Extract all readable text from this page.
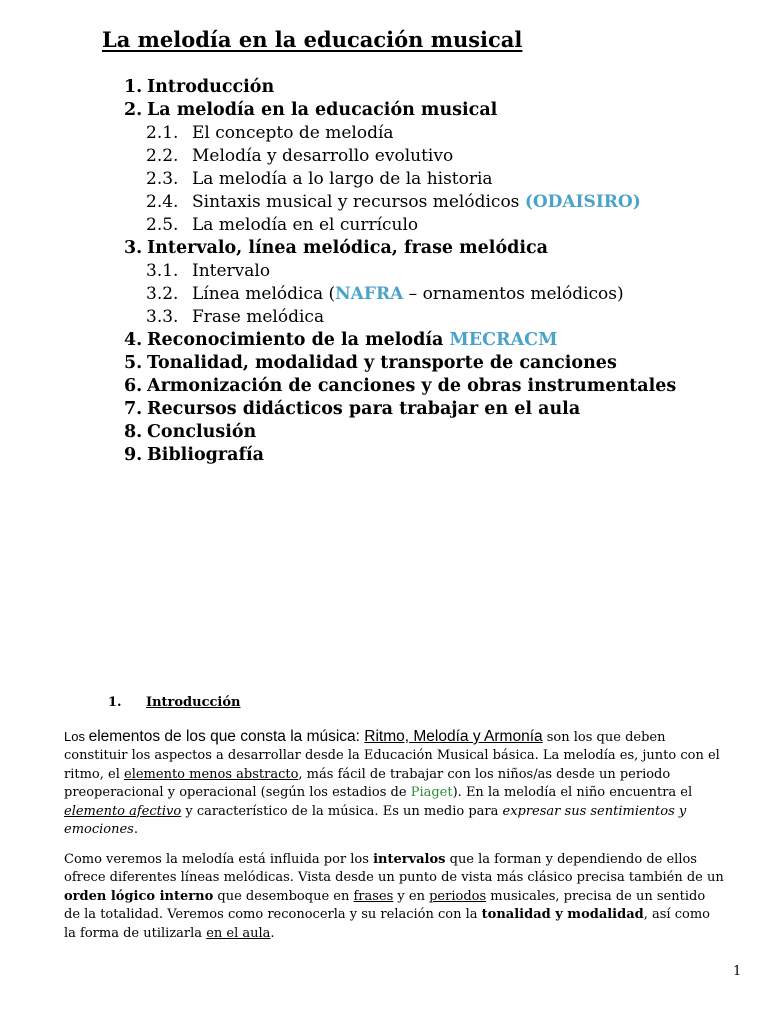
La melodía en la educación musical
1. Introducción
2. La melodía en la educación musical
2.1. El concepto de melodía
2.2. Melodía y desarrollo evolutivo
2.3. La melodía a lo largo de la historia
2.4. Sintaxis musical y recursos melódicos (ODAISIRO)
2.5. La melodía en el currículo
3. Intervalo, línea melódica, frase melódica
3.1. Intervalo
3.2. Línea melódica (NAFRA – ornamentos melódicos)
3.3. Frase melódica
4. Reconocimiento de la melodía MECRACM
5. Tonalidad, modalidad y transporte de canciones
6. Armonización de canciones y de obras instrumentales
7. Recursos didácticos para trabajar en el aula
8. Conclusión
9. Bibliografía
1. Introducción
Los elementos de los que consta la música: Ritmo, Melodía y Armonía son los que deben constituir los aspectos a desarrollar desde la Educación Musical básica. La melodía es, junto con el ritmo, el elemento menos abstracto, más fácil de trabajar con los niños/as desde un periodo preoperacional y operacional (según los estadios de Piaget). En la melodía el niño encuentra el elemento afectivo y característico de la música. Es un medio para expresar sus sentimientos y emociones.
Como veremos la melodía está influida por los intervalos que la forman y dependiendo de ellos ofrece diferentes líneas melódicas. Vista desde un punto de vista más clásico precisa también de un orden lógico interno que desemboque en frases y en periodos musicales, precisa de un sentido de la totalidad. Veremos como reconocerla y su relación con la tonalidad y modalidad, así como la forma de utilizarla en el aula.
1
